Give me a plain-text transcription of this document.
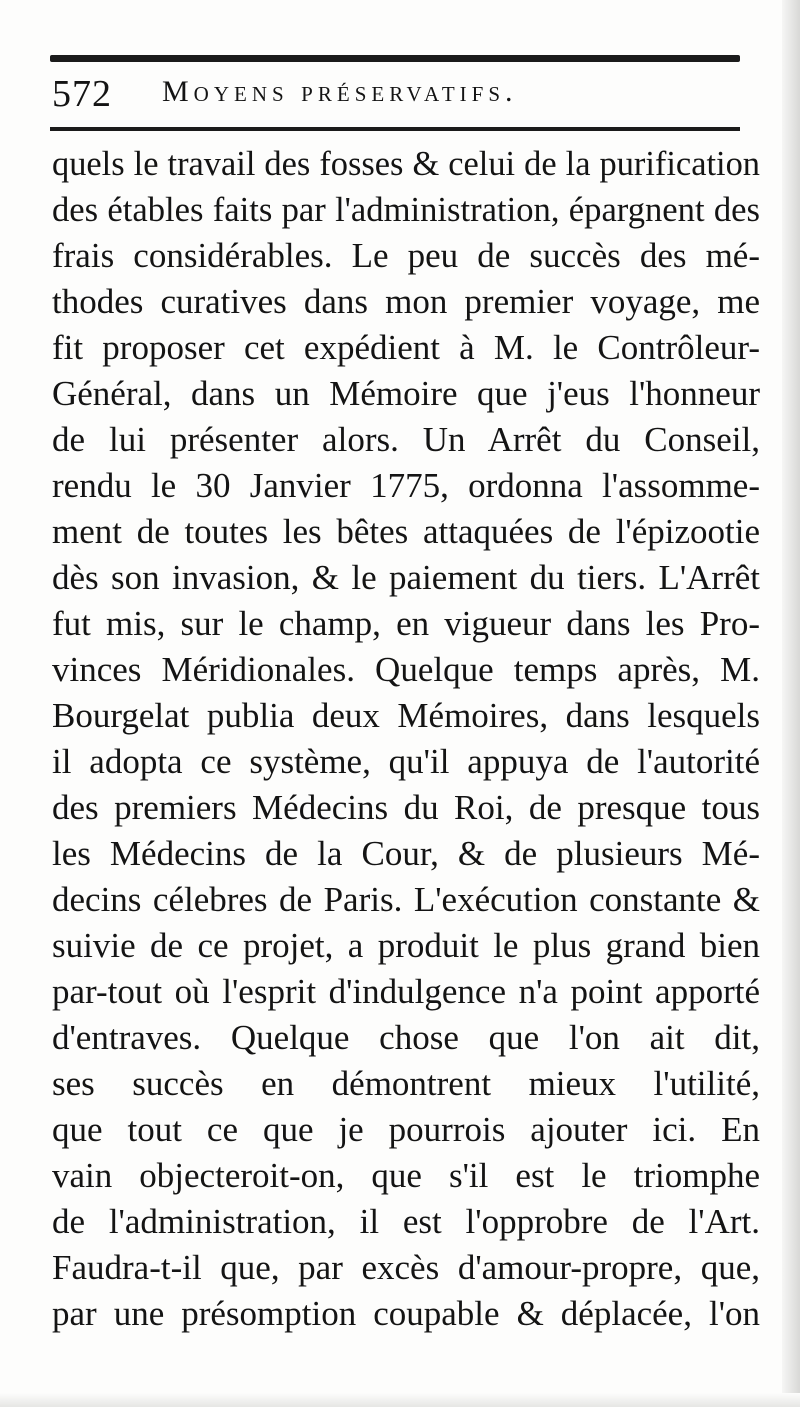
572 Moyens préservatifs.
quels le travail des fosses & celui de la purification
des étables faits par l'administration, épargnent des
frais considérables. Le peu de succès des mé-
thodes curatives dans mon premier voyage, me
fit proposer cet expédient à M. le Contrôleur-
Général, dans un Mémoire que j'eus l'honneur
de lui présenter alors. Un Arrêt du Conseil,
rendu le 30 Janvier 1775, ordonna l'assomme-
ment de toutes les bêtes attaquées de l'épizootie
dès son invasion, & le paiement du tiers. L'Arrêt
fut mis, sur le champ, en vigueur dans les Pro-
vinces Méridionales. Quelque temps après, M.
Bourgelat publia deux Mémoires, dans lesquels
il adopta ce système, qu'il appuya de l'autorité
des premiers Médecins du Roi, de presque tous
les Médecins de la Cour, & de plusieurs Mé-
decins célebres de Paris. L'exécution constante &
suivie de ce projet, a produit le plus grand bien
par-tout où l'esprit d'indulgence n'a point apporté
d'entraves. Quelque chose que l'on ait dit,
ses succès en démontrent mieux l'utilité,
que tout ce que je pourrois ajouter ici. En
vain objecteroit-on, que s'il est le triomphe
de l'administration, il est l'opprobre de l'Art.
Faudra-t-il que, par excès d'amour-propre, que,
par une présomption coupable & déplacée, l'on
